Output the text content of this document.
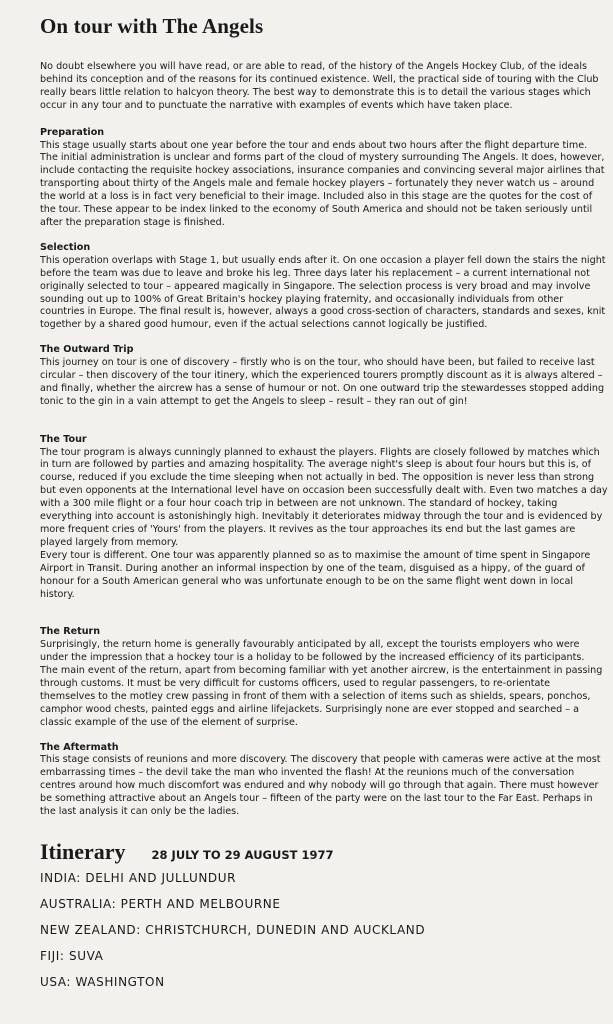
On tour with The Angels

No doubt elsewhere you will have read, or are able to read, of the history of the Angels Hockey Club, of the ideals behind its conception and of the reasons for its continued existence. Well, the practical side of touring with the Club really bears little relation to halcyon theory. The best way to demonstrate this is to detail the various stages which occur in any tour and to punctuate the narrative with examples of events which have taken place.

Preparation

This stage usually starts about one year before the tour and ends about two hours after the flight departure time. The initial administration is unclear and forms part of the cloud of mystery surrounding The Angels. It does, however, include contacting the requisite hockey associations, insurance companies and convincing several major airlines that transporting about thirty of the Angels male and female hockey players – fortunately they never watch us – around the world at a loss is in fact very beneficial to their image. Included also in this stage are the quotes for the cost of the tour. These appear to be index linked to the economy of South America and should not be taken seriously until after the preparation stage is finished.

Selection

This operation overlaps with Stage 1, but usually ends after it. On one occasion a player fell down the stairs the night before the team was due to leave and broke his leg. Three days later his replacement – a current international not originally selected to tour – appeared magically in Singapore. The selection process is very broad and may involve sounding out up to 100% of Great Britain's hockey playing fraternity, and occasionally individuals from other countries in Europe. The final result is, however, always a good cross-section of characters, standards and sexes, knit together by a shared good humour, even if the actual selections cannot logically be justified.

The Outward Trip

This journey on tour is one of discovery – firstly who is on the tour, who should have been, but failed to receive last circular – then discovery of the tour itinery, which the experienced tourers promptly discount as it is always altered – and finally, whether the aircrew has a sense of humour or not. On one outward trip the stewardesses stopped adding tonic to the gin in a vain attempt to get the Angels to sleep – result – they ran out of gin!

The Tour

The tour program is always cunningly planned to exhaust the players. Flights are closely followed by matches which in turn are followed by parties and amazing hospitality. The average night's sleep is about four hours but this is, of course, reduced if you exclude the time sleeping when not actually in bed. The opposition is never less than strong but even opponents at the International level have on occasion been successfully dealt with. Even two matches a day with a 300 mile flight or a four hour coach trip in between are not unknown. The standard of hockey, taking everything into account is astonishingly high. Inevitably it deteriorates midway through the tour and is evidenced by more frequent cries of 'Yours' from the players. It revives as the tour approaches its end but the last games are played largely from memory.

Every tour is different. One tour was apparently planned so as to maximise the amount of time spent in Singapore Airport in Transit. During another an informal inspection by one of the team, disguised as a hippy, of the guard of honour for a South American general who was unfortunate enough to be on the same flight went down in local history.

The Return

Surprisingly, the return home is generally favourably anticipated by all, except the tourists employers who were under the impression that a hockey tour is a holiday to be followed by the increased efficiency of its participants.

The main event of the return, apart from becoming familiar with yet another aircrew, is the entertainment in passing through customs. It must be very difficult for customs officers, used to regular passengers, to re-orientate themselves to the motley crew passing in front of them with a selection of items such as shields, spears, ponchos, camphor wood chests, painted eggs and airline lifejackets. Surprisingly none are ever stopped and searched – a classic example of the use of the element of surprise.

The Aftermath

This stage consists of reunions and more discovery. The discovery that people with cameras were active at the most embarrassing times – the devil take the man who invented the flash! At the reunions much of the conversation centres around how much discomfort was endured and why nobody will go through that again. There must however be something attractive about an Angels tour – fifteen of the party were on the last tour to the Far East. Perhaps in the last analysis it can only be the ladies.

Itinerary 28 JULY TO 29 AUGUST 1977
INDIA: DELHI AND JULLUNDUR
AUSTRALIA: PERTH AND MELBOURNE
NEW ZEALAND: CHRISTCHURCH, DUNEDIN AND AUCKLAND
FIJI: SUVA
USA: WASHINGTON
